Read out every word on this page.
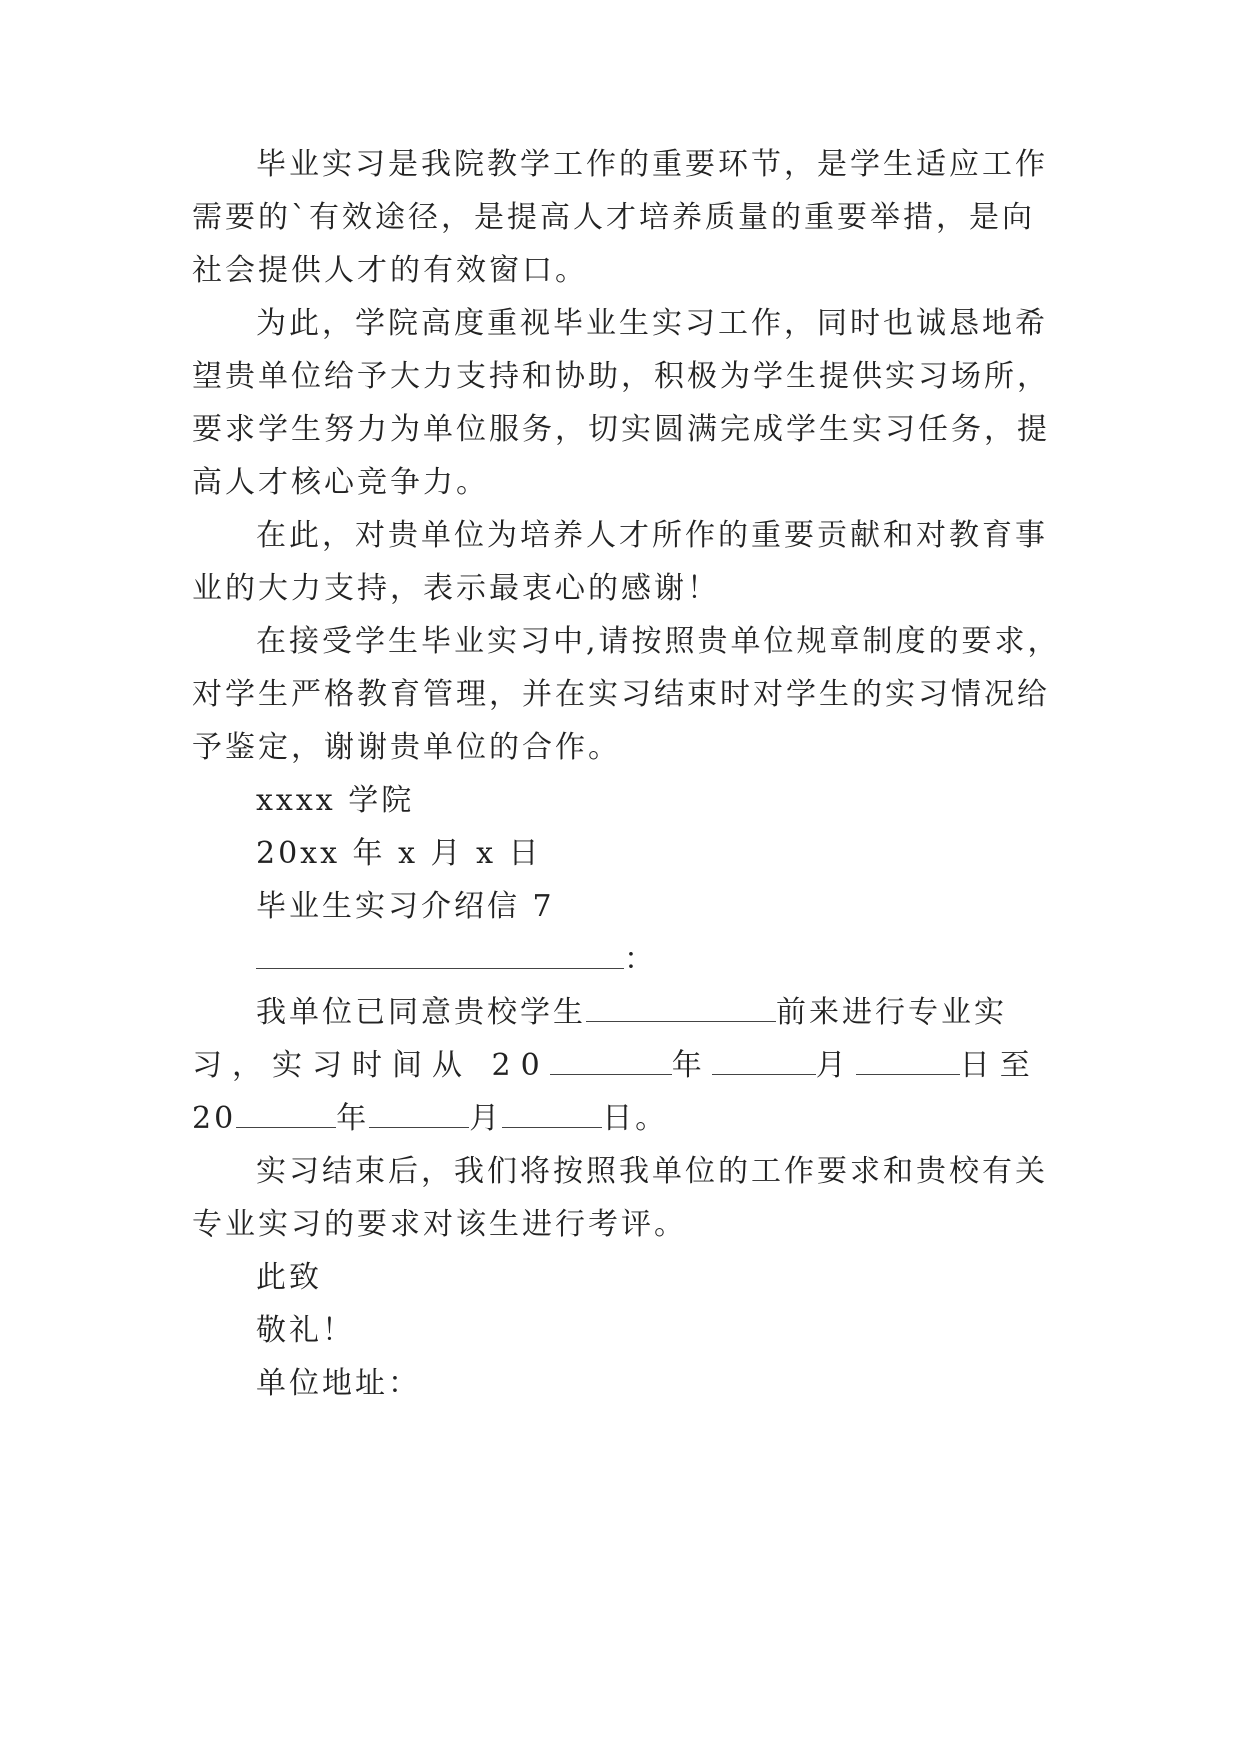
毕业实习是我院教学工作的重要环节，是学生适应工作
需要的`有效途径，是提高人才培养质量的重要举措，是向
社会提供人才的有效窗口。
为此，学院高度重视毕业生实习工作，同时也诚恳地希
望贵单位给予大力支持和协助，积极为学生提供实习场所，
要求学生努力为单位服务，切实圆满完成学生实习任务，提
高人才核心竞争力。
在此，对贵单位为培养人才所作的重要贡献和对教育事
业的大力支持，表示最衷心的感谢！
在接受学生毕业实习中,请按照贵单位规章制度的要求，
对学生严格教育管理，并在实习结束时对学生的实习情况给
予鉴定，谢谢贵单位的合作。
xxxx 学院
20xx 年 x 月 x 日
毕业生实习介绍信 7
：
我单位已同意贵校学生	前来进行专业实
习，实习时间从 20	年	月	日至
20	年	月	日。
实习结束后，我们将按照我单位的工作要求和贵校有关
专业实习的要求对该生进行考评。
此致
敬礼！
单位地址：
